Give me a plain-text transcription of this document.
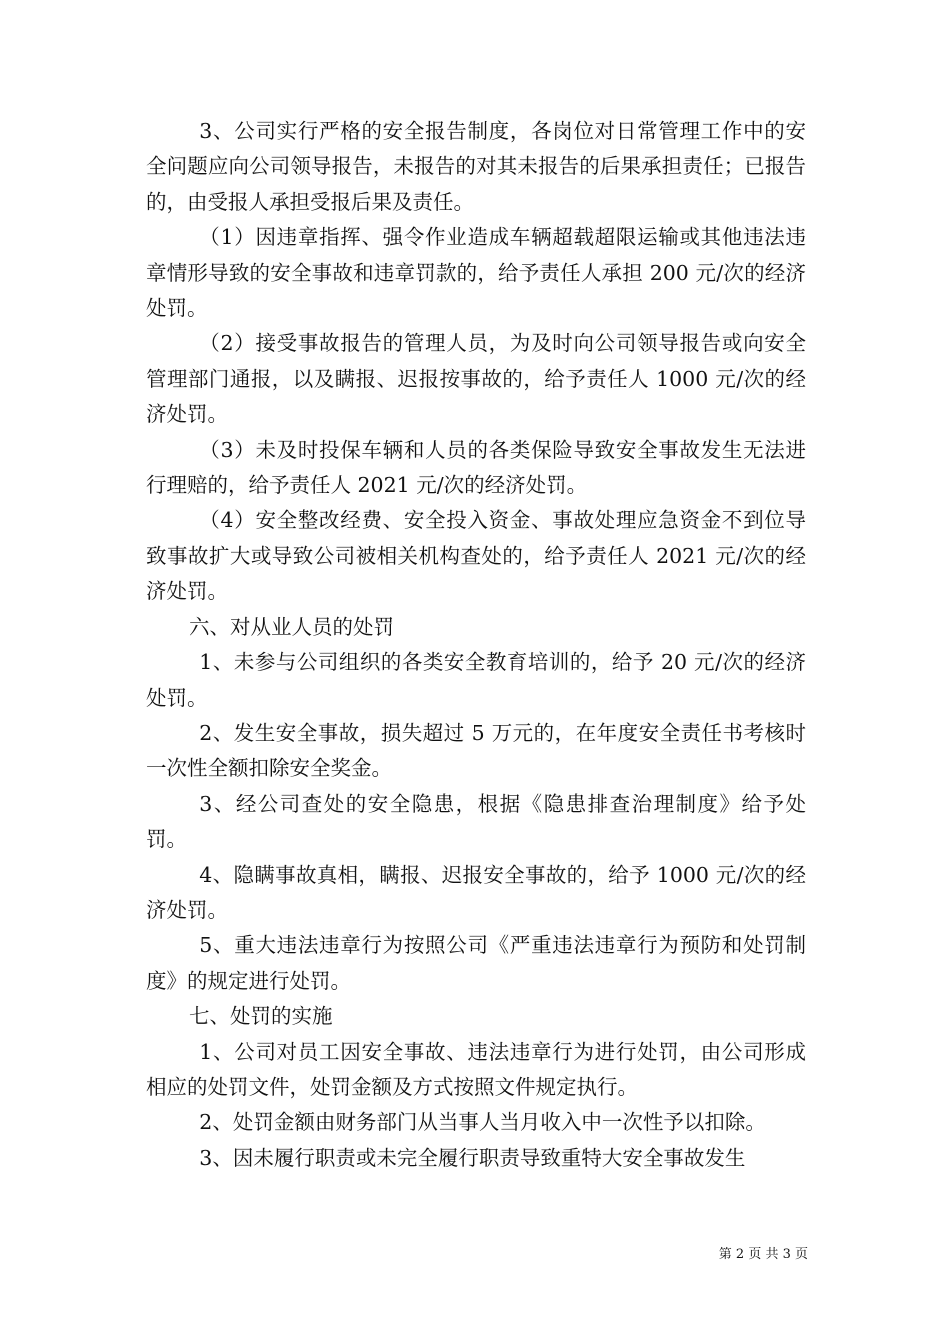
3、公司实行严格的安全报告制度，各岗位对日常管理工作中的安全问题应向公司领导报告，未报告的对其未报告的后果承担责任；已报告的，由受报人承担受报后果及责任。

（1）因违章指挥、强令作业造成车辆超载超限运输或其他违法违章情形导致的安全事故和违章罚款的，给予责任人承担 200 元/次的经济处罚。

（2）接受事故报告的管理人员，为及时向公司领导报告或向安全管理部门通报，以及瞒报、迟报按事故的，给予责任人 1000 元/次的经济处罚。

（3）未及时投保车辆和人员的各类保险导致安全事故发生无法进行理赔的，给予责任人 2021 元/次的经济处罚。

（4）安全整改经费、安全投入资金、事故处理应急资金不到位导致事故扩大或导致公司被相关机构查处的，给予责任人 2021 元/次的经济处罚。

六、对从业人员的处罚

1、未参与公司组织的各类安全教育培训的，给予 20 元/次的经济处罚。

2、发生安全事故，损失超过 5 万元的，在年度安全责任书考核时一次性全额扣除安全奖金。

3、经公司查处的安全隐患，根据《隐患排查治理制度》给予处罚。

4、隐瞒事故真相，瞒报、迟报安全事故的，给予 1000 元/次的经济处罚。

5、重大违法违章行为按照公司《严重违法违章行为预防和处罚制度》的规定进行处罚。

七、处罚的实施

1、公司对员工因安全事故、违法违章行为进行处罚，由公司形成相应的处罚文件，处罚金额及方式按照文件规定执行。

2、处罚金额由财务部门从当事人当月收入中一次性予以扣除。

3、因未履行职责或未完全履行职责导致重特大安全事故发生

第 2 页 共 3 页
